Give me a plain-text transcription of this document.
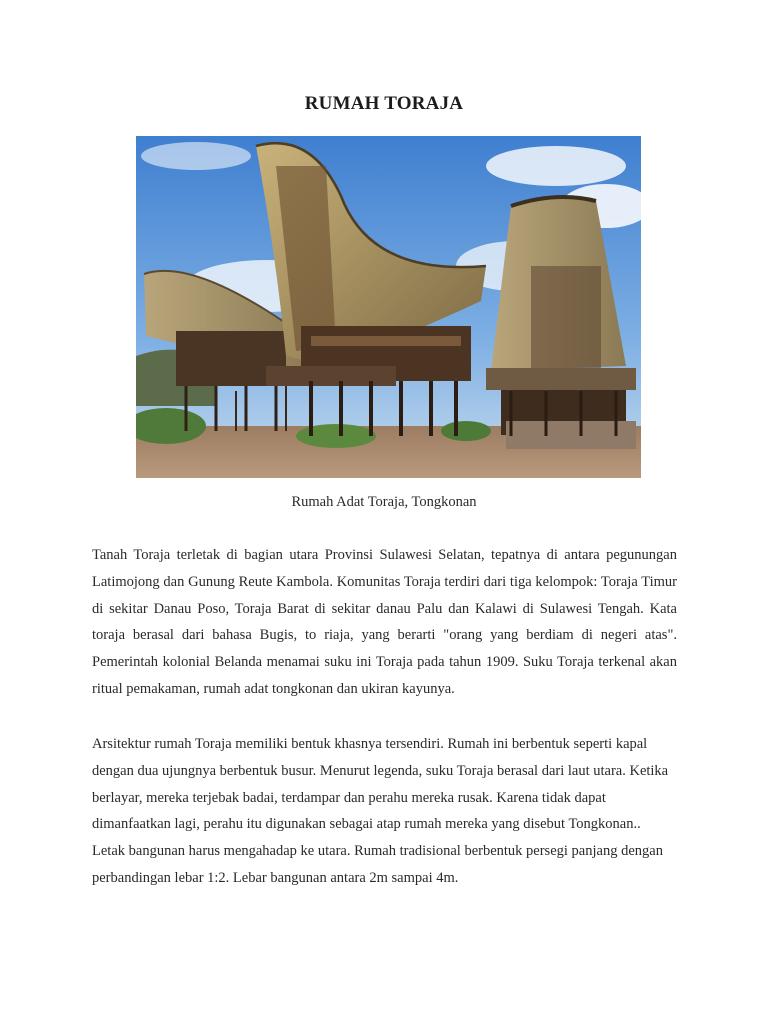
RUMAH TORAJA
Rumah Adat Toraja, Tongkonan

Tanah Toraja terletak di bagian utara Provinsi Sulawesi Selatan, tepatnya di antara pegunungan Latimojong dan Gunung Reute Kambola. Komunitas Toraja terdiri dari tiga kelompok: Toraja Timur di sekitar Danau Poso, Toraja Barat di sekitar danau Palu dan Kalawi di Sulawesi Tengah. Kata toraja berasal dari bahasa Bugis, to riaja, yang berarti "orang yang berdiam di negeri atas". Pemerintah kolonial Belanda menamai suku ini Toraja pada tahun 1909. Suku Toraja terkenal akan ritual pemakaman, rumah adat tongkonan dan ukiran kayunya.

Arsitektur rumah Toraja memiliki bentuk khasnya tersendiri. Rumah ini berbentuk seperti kapal dengan dua ujungnya berbentuk busur. Menurut legenda, suku Toraja berasal dari laut utara. Ketika berlayar, mereka terjebak badai, terdampar dan perahu mereka rusak. Karena tidak dapat dimanfaatkan lagi, perahu itu digunakan sebagai atap rumah mereka yang disebut Tongkonan.. Letak bangunan harus mengahadap ke utara. Rumah tradisional berbentuk persegi panjang dengan perbandingan lebar 1:2. Lebar bangunan antara 2m sampai 4m.
